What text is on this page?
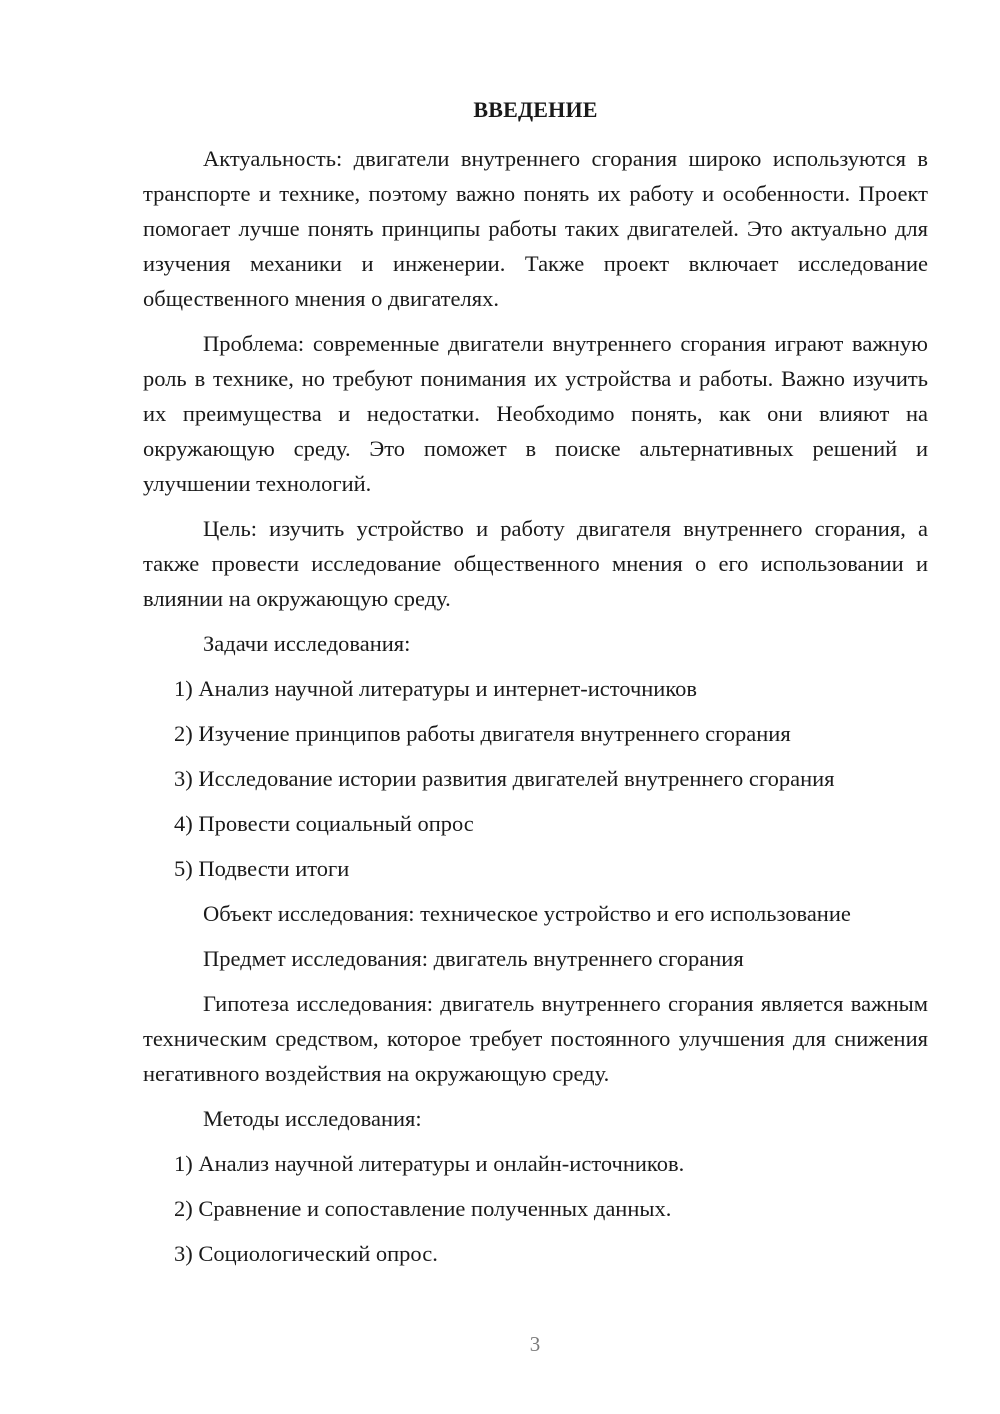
ВВЕДЕНИЕ

Актуальность: двигатели внутреннего сгорания широко используются в транспорте и технике, поэтому важно понять их работу и особенности. Проект помогает лучше понять принципы работы таких двигателей. Это актуально для изучения механики и инженерии. Также проект включает исследование общественного мнения о двигателях.

Проблема: современные двигатели внутреннего сгорания играют важную роль в технике, но требуют понимания их устройства и работы. Важно изучить их преимущества и недостатки. Необходимо понять, как они влияют на окружающую среду. Это поможет в поиске альтернативных решений и улучшении технологий.

Цель: изучить устройство и работу двигателя внутреннего сгорания, а также провести исследование общественного мнения о его использовании и влиянии на окружающую среду.

Задачи исследования:

1) Анализ научной литературы и интернет-источников

2) Изучение принципов работы двигателя внутреннего сгорания

3) Исследование истории развития двигателей внутреннего сгорания

4) Провести социальный опрос

5) Подвести итоги

Объект исследования: техническое устройство и его использование

Предмет исследования: двигатель внутреннего сгорания

Гипотеза исследования: двигатель внутреннего сгорания является важным техническим средством, которое требует постоянного улучшения для снижения негативного воздействия на окружающую среду.

Методы исследования:

1) Анализ научной литературы и онлайн-источников.

2) Сравнение и сопоставление полученных данных.

3) Социологический опрос.

3
